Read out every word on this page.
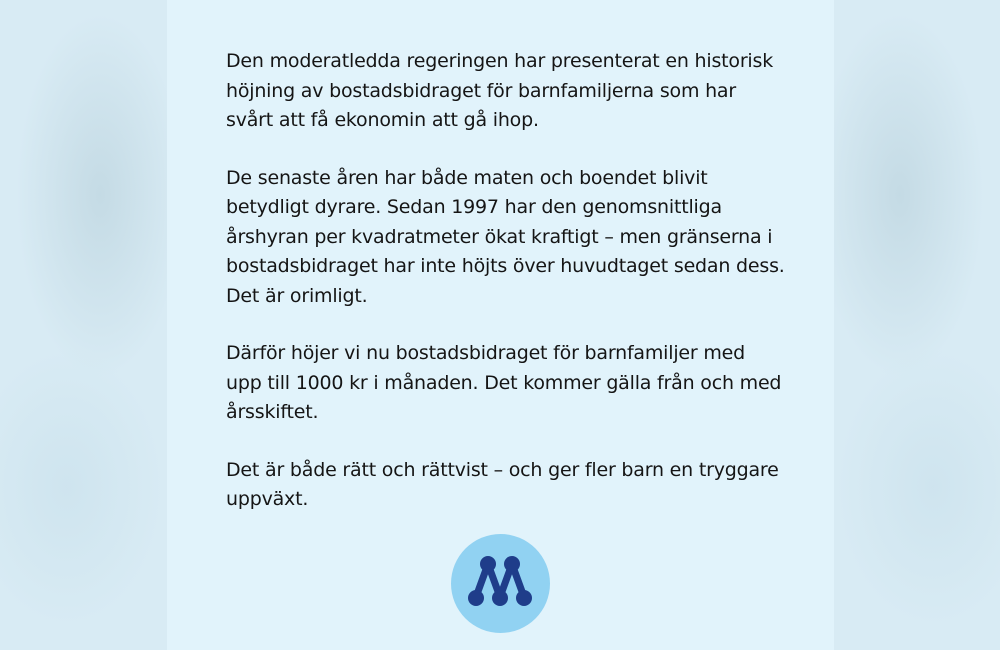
Den moderatledda regeringen har presenterat en historisk höjning av bostadsbidraget för barnfamiljerna som har svårt att få ekonomin att gå ihop.

De senaste åren har både maten och boendet blivit betydligt dyrare. Sedan 1997 har den genomsnittliga årshyran per kvadratmeter ökat kraftigt – men gränserna i bostadsbidraget har inte höjts över huvudtaget sedan dess. Det är orimligt.

Därför höjer vi nu bostadsbidraget för barnfamiljer med upp till 1000 kr i månaden. Det kommer gälla från och med årsskiftet.

Det är både rätt och rättvist – och ger fler barn en tryggare uppväxt.
